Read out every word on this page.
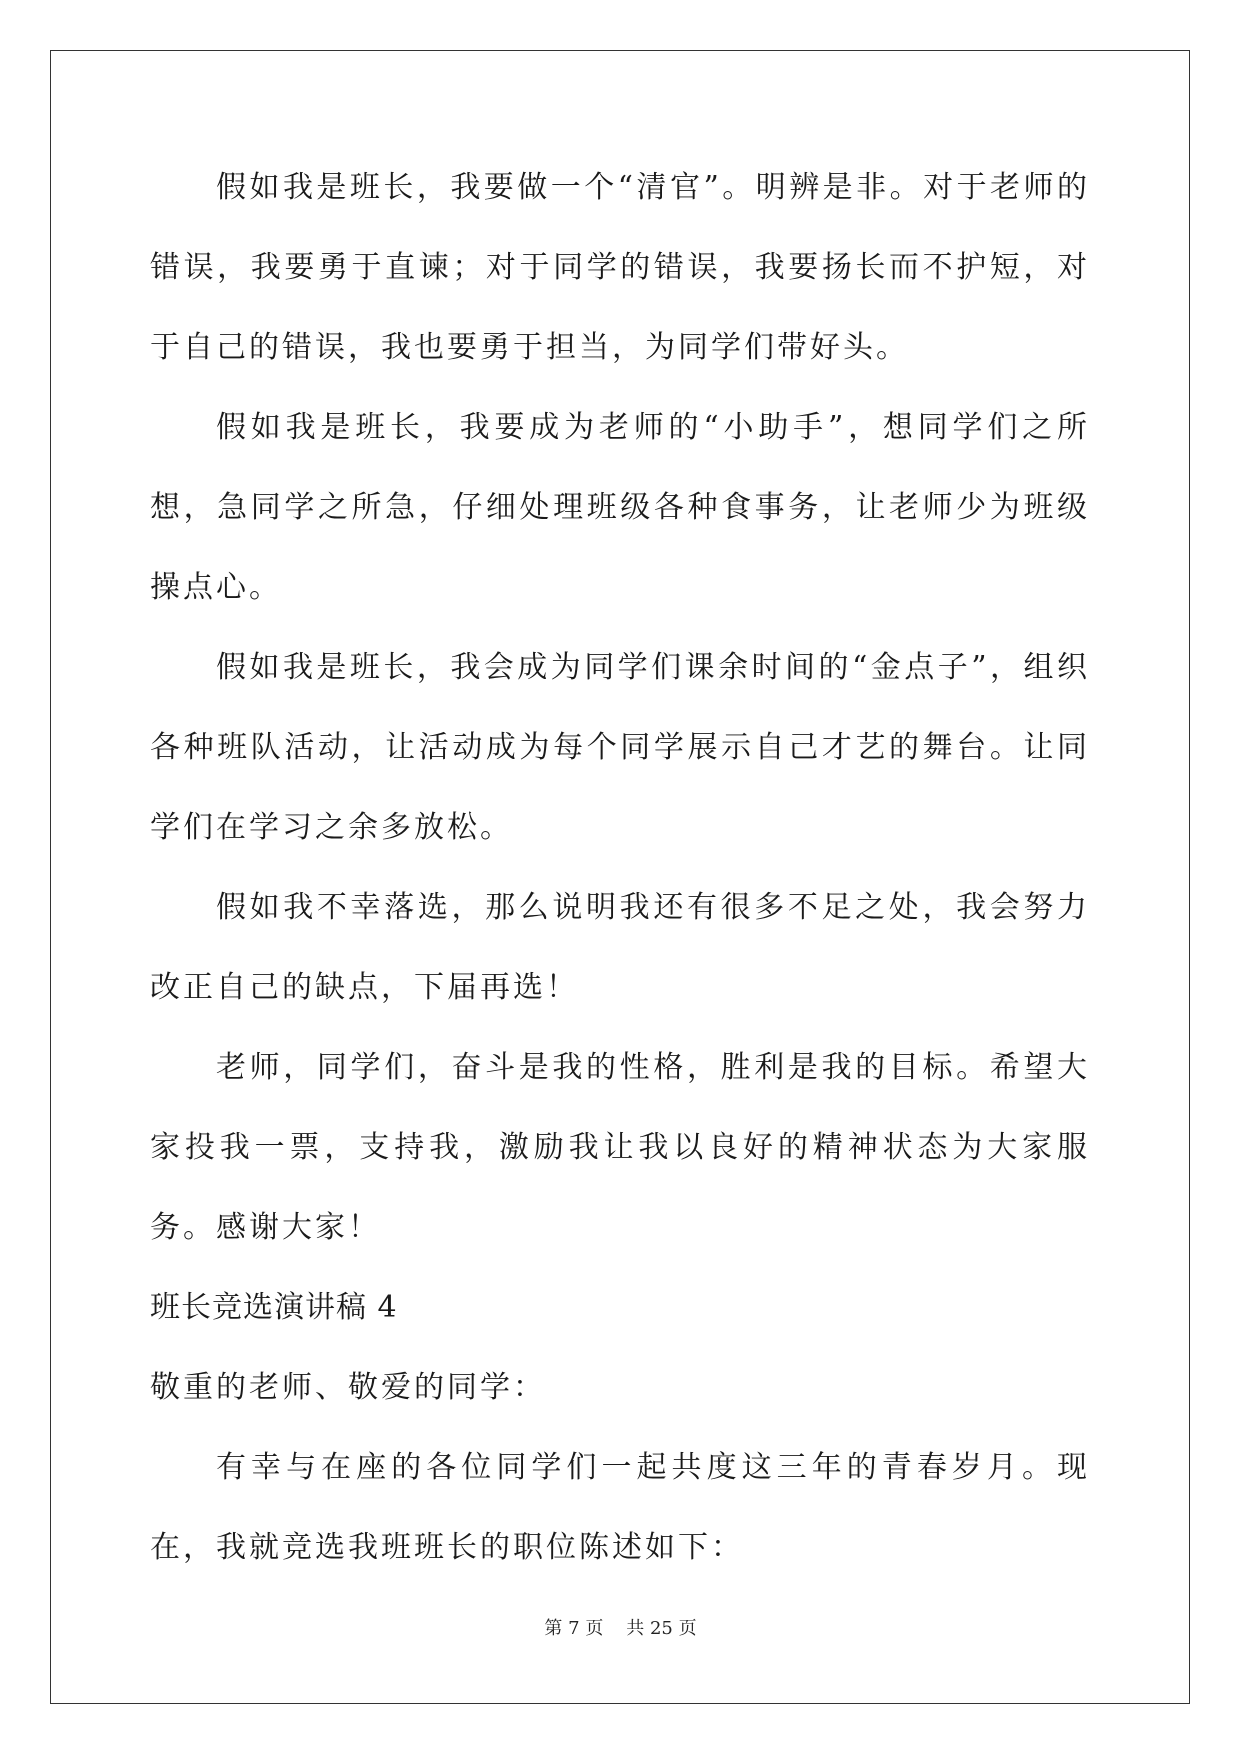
假如我是班长，我要做一个“清官”。明辨是非。对于老师的错误，我要勇于直谏；对于同学的错误，我要扬长而不护短，对于自己的错误，我也要勇于担当，为同学们带好头。

假如我是班长，我要成为老师的“小助手”，想同学们之所想，急同学之所急，仔细处理班级各种食事务，让老师少为班级操点心。

假如我是班长，我会成为同学们课余时间的“金点子”，组织各种班队活动，让活动成为每个同学展示自己才艺的舞台。让同学们在学习之余多放松。

假如我不幸落选，那么说明我还有很多不足之处，我会努力改正自己的缺点，下届再选！

老师，同学们，奋斗是我的性格，胜利是我的目标。希望大家投我一票，支持我，激励我让我以良好的精神状态为大家服务。感谢大家！

班长竞选演讲稿 4

敬重的老师、敬爱的同学：

有幸与在座的各位同学们一起共度这三年的青春岁月。现在，我就竞选我班班长的职位陈述如下：

第 7 页 共 25 页
